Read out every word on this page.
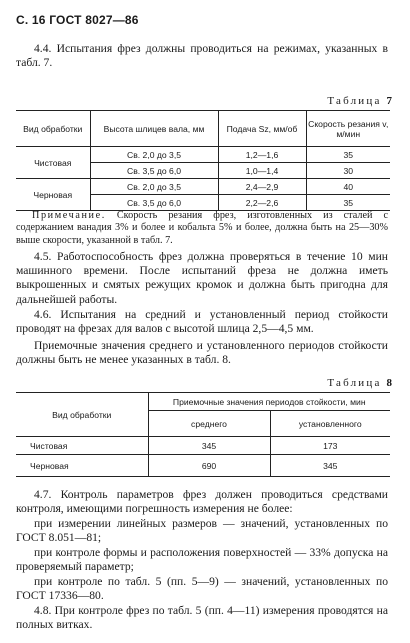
С. 16 ГОСТ 8027—86
4.4. Испытания фрез должны проводиться на режимах, указанных в табл. 7.
Таблица 7
Вид обработки	Высота шлицев вала, мм	Подача Sz, мм/об	Скорость резания v, м/мин
Чистовая	Св. 2,0 до 3,5	1,2—1,6	35
	Св. 3,5 до 6,0	1,0—1,4	30
Черновая	Св. 2,0 до 3,5	2,4—2,9	40
	Св. 3,5 до 6,0	2,2—2,6	35
Примечание. Скорость резания фрез, изготовленных из сталей с содержанием ванадия 3% и более и кобальта 5% и более, должна быть на 25—30% выше скорости, указанной в табл. 7.
4.5. Работоспособность фрез должна проверяться в течение 10 мин машинного времени. После испытаний фреза не должна иметь выкрошенных и смятых режущих кромок и должна быть пригодна для дальнейшей работы.
4.6. Испытания на средний и установленный период стойкости проводят на фрезах для валов с высотой шлица 2,5—4,5 мм.
Приемочные значения среднего и установленного периодов стойкости должны быть не менее указанных в табл. 8.
Таблица 8
Вид обработки	Приемочные значения периодов стойкости, мин	
	среднего	установленного
Чистовая	345	173
Черновая	690	345
4.7. Контроль параметров фрез должен проводиться средствами контроля, имеющими погрешность измерения не более:
при измерении линейных размеров — значений, установленных по ГОСТ 8.051—81;
при контроле формы и расположения поверхностей — 33% допуска на проверяемый параметр;
при контроле по табл. 5 (пп. 5—9) — значений, установленных по ГОСТ 17336—80.
4.8. При контроле фрез по табл. 5 (пп. 4—11) измерения проводятся на полных витках.
